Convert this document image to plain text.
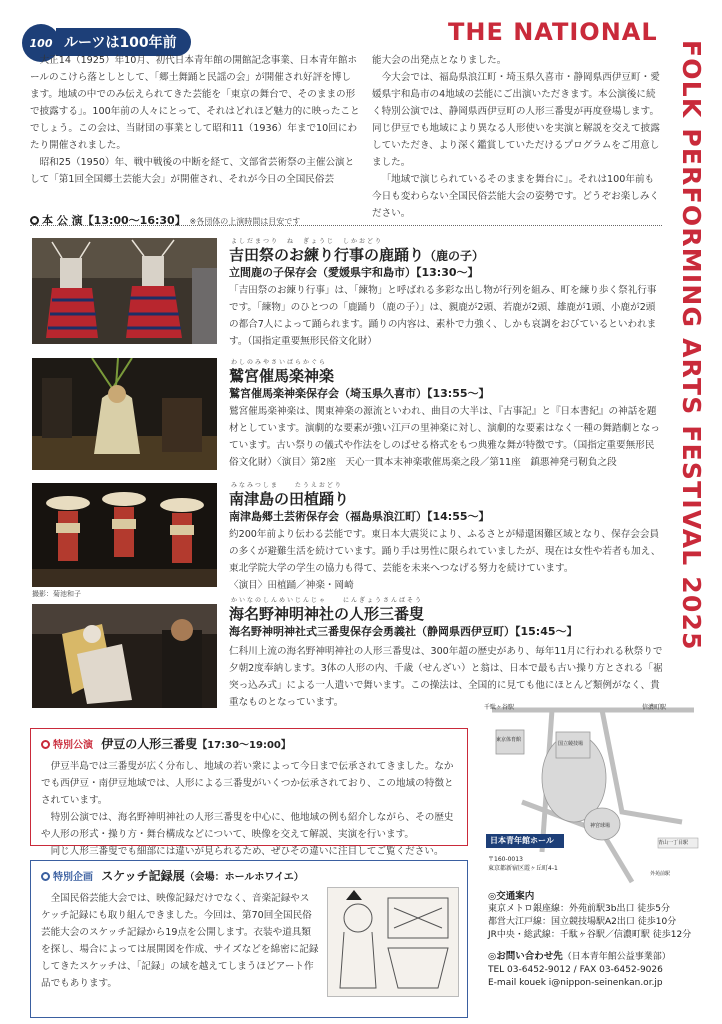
100 ルーツは100年前	THE NATIONAL
FOLK PERFORMING ARTS FESTIVAL 2025

大正14（1925）年10月、初代日本青年館の開館記念事業、日本青年館ホールのこけら落としとして、「郷土舞踊と民謡の会」が開催され好評を博します。地域の中でのみ伝えられてきた芸能を「東京の舞台で、そのままの形で披露する」。100年前の人々にとって、それはどれほど魅力的に映ったことでしょう。この会は、当財団の事業として昭和11（1936）年まで10回にわたり開催されました。

昭和25（1950）年、戦中戦後の中断を経て、文部省芸術祭の主催公演として「第1回全国郷土芸能大会」が開催され、それが今日の全国民俗芸

能大会の出発点となりました。

今大会では、福島県浪江町・埼玉県久喜市・静岡県西伊豆町・愛媛県宇和島市の4地域の芸能にご出演いただきます。本公演後に続く特別公演では、静岡県西伊豆町の人形三番叟が再度登場します。同じ伊豆でも地域により異なる人形使いを実演と解説を交えて披露していただき、より深く鑑賞していただけるプログラムをご用意しました。

「地域で演じられているそのままを舞台に」。それは100年前も今日も変わらない全国民俗芸能大会の姿勢です。どうぞお楽しみください。

本 公 演【13:00〜16:30】 ※各団体の上演時間は目安です
よしだまつり　ね　ぎょうじ　しかおどり
吉田祭のお練り行事の鹿踊り（鹿の子）
立間鹿の子保存会（愛媛県宇和島市）【13:30〜】

「吉田祭のお練り行事」は、「練物」と呼ばれる多彩な出し物が行列を組み、町を練り歩く祭礼行事です。「練物」のひとつの「鹿踊り（鹿の子）」は、親鹿が2頭、若鹿が2頭、雄鹿が1頭、小鹿が2頭の都合7人によって踊られます。踊りの内容は、素朴で力強く、しかも哀調をおびているといわれます。（国指定重要無形民俗文化財）

わしのみやさいばらかぐら
鷲宮催馬楽神楽
鷲宮催馬楽神楽保存会（埼玉県久喜市）【13:55〜】

鷲宮催馬楽神楽は、関東神楽の源流といわれ、曲目の大半は、『古事記』と『日本書紀』の神話を題材としています。演劇的な要素が強い江戸の里神楽に対し、演劇的な要素はなく一種の舞踏劇となっています。古い祭りの儀式や作法をしのばせる格式をもつ典雅な舞が特徴です。（国指定重要無形民俗文化財）〈演目〉第2座　天心一貫本末神楽歌催馬楽之段／第11座　鎮悪神発弓靭負之段

撮影：菊池和子
みなみつしま　　たうえおどり
南津島の田植踊り
南津島郷土芸術保存会（福島県浪江町）【14:55〜】

約200年前より伝わる芸能です。東日本大震災により、ふるさとが帰還困難区域となり、保存会会員の多くが避難生活を続けています。踊り手は男性に限られていましたが、現在は女性や若者も加え、東北学院大学の学生の協力も得て、芸能を未来へつなげる努力を続けています。

〈演目〉田植踊／神楽・岡崎

かいなのしんめいじんじゃ　　にんぎょうさんばそう
海名野神明神社の人形三番叟
海名野神明神社式三番叟保存会勇義社（静岡県西伊豆町）【15:45〜】

仁科川上流の海名野神明神社の人形三番叟は、300年超の歴史があり、毎年11月に行われる秋祭りで夕朝2度奉納します。3体の人形の内、千歳（せんざい）と翁は、日本で最も古い操り方とされる「裾突っ込み式」による一人遣いで舞います。この操法は、全国的に見ても他にほとんど類例がなく、貴重なものとなっています。

特別公演 伊豆の人形三番叟【17:30〜19:00】

伊豆半島では三番叟が広く分布し、地域の若い衆によって今日まで伝承されてきました。なかでも西伊豆・南伊豆地域では、人形による三番叟がいくつか伝承されており、この地域の特徴とされています。

特別公演では、海名野神明神社の人形三番叟を中心に、他地域の例も紹介しながら、その歴史や人形の形式・操り方・舞台構成などについて、映像を交えて解説、実演を行います。

同じ人形三番叟でも細部には違いが見られるため、ぜひその違いに注目してご覧ください。

特別企画 スケッチ記録展（会場：ホールホワイエ）

全国民俗芸能大会では、映像記録だけでなく、音楽記録やスケッチ記録にも取り組んできました。今回は、第70回全国民俗芸能大会のスケッチ記録から19点を公開します。衣装や道具類を探し、場合によっては展開図を作成、サイズなどを綿密に記録してきたスケッチは、「記録」の域を越えてしまうほどアート作品でもあります。

千駄ヶ谷駅	信濃町駅
国立競技場
東京体育館
神宮球場
青山一丁目駅
外苑前駅
日本青年館ホール
〒160-0013
東京都新宿区霞ヶ丘町4-1
◎交通案内
東京メトロ銀座線：外苑前駅3b出口 徒歩5分
都営大江戸線：国立競技場駅A2出口 徒歩10分
JR中央・総武線：千駄ヶ谷駅／信濃町駅 徒歩12分
◎お問い合わせ先（日本青年館公益事業部）
TEL 03-6452-9012 / FAX 03-6452-9026
E-mail kouek i@nippon-seinenkan.or.jp
